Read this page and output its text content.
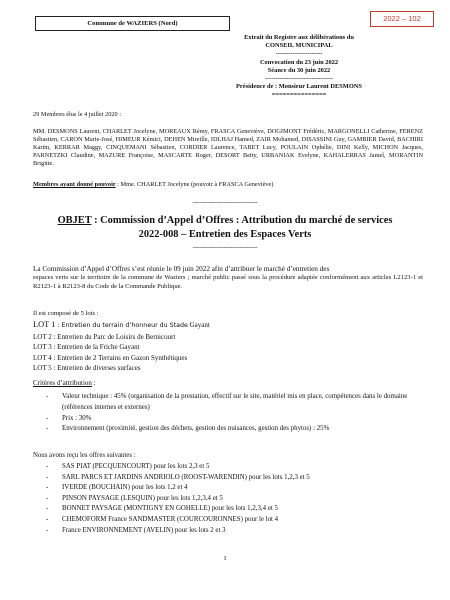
Commune de WAZIERS (Nord)
2022 – 102
Extrait du Registre aux délibérations du
CONSEIL MUNICIPAL
----------------------
Convocation du 23 juin 2022
Séance du 30 juin 2022
--------------------------------
Présidence de : Monsieur Laurent DESMONS
===============
29 Membres élus le 4 juillet 2020 :
MM. DESMONS Laurent, CHARLET Jocelyne, MOREAUX Rémy, FRASCA Geneviève, DOGIMONT Frédéric, MARGONELLI Catherine, FERENZ Sébastien, CARON Marie-José, HIMEUR Kémici, DEHEN Mireille, IDLHAJ Hamed, ZAIR Mohamed, DISASSINI Guy, GAMBIER David, BACHIRI Karim, KERRAR Maggy, CINQUEMANI Sébastien, CORDIER Laurence, TABET Lucy, POULAIN Ophélie, DINI Kelly, MICHON Jacques, PARNETZKI Claudine, MAZURE Françoise, MASCARTE Roger, DESORT Betty, URBANIAK Evelyne, KAHALERRAS Jamel, MORANTIN Brigitte.
Membres ayant donné pouvoir : Mme. CHARLET Jocelyne (pouvoir à FRASCA Geneviève)
------------------------------------
OBJET : Commission d’Appel d’Offres : Attribution du marché de services
2022-008 – Entretien des Espaces Verts
------------------------------------
La Commission d’Appel d’Offres s’est réunie le 09 juin 2022 afin d’attribuer le marché d’entretien des
espaces verts sur le territoire de la commune de Waziers ; marché public passé sous la procédure adaptée conformément aux articles L2123-1 et R2123-1 à R2123-8 du Code de la Commande Publique.
Il est composé de 5 lots :
LOT 1 : Entretien du terrain d’honneur du Stade Gayant
LOT 2 : Entretien du Parc de Loisirs de Bernicourt
LOT 3 : Entretien de la Friche Gayant
LOT 4 : Entretien de 2 Terrains en Gazon Synthétiques
LOT 5 : Entretien de diverses surfaces
Critères d’attribution :
- Valeur technique : 45% (organisation de la prestation, effectif sur le site, matériel mis en place, compétences dans le domaine (références internes et externes)
- Prix : 30%
- Environnement (proximité, gestion des déchets, gestion des nuisances, gestion des phytos) : 25%
Nous avons reçu les offres suivantes :
- SAS PIAT (PECQUENCOURT) pour les lots 2,3 et 5
- SARL PARCS ET JARDINS ANDRIOLO (ROOST-WARENDIN) pour les lots 1,2,3 et 5
- IVERDE (BOUCHAIN) pour les lots 1,2 et 4
- PINSON PAYSAGE (LESQUIN) pour les lots 1,2,3,4 et 5
- BONNET PAYSAGE (MONTIGNY EN GOHELLE) pour les lots 1,2,3,4 et 5
- CHEMOFORM France SANDMASTER (COURCOURONNES) pour le lot 4
- France ENVIRONNEMENT (AVELIN) pour les lots 2 et 3
1
